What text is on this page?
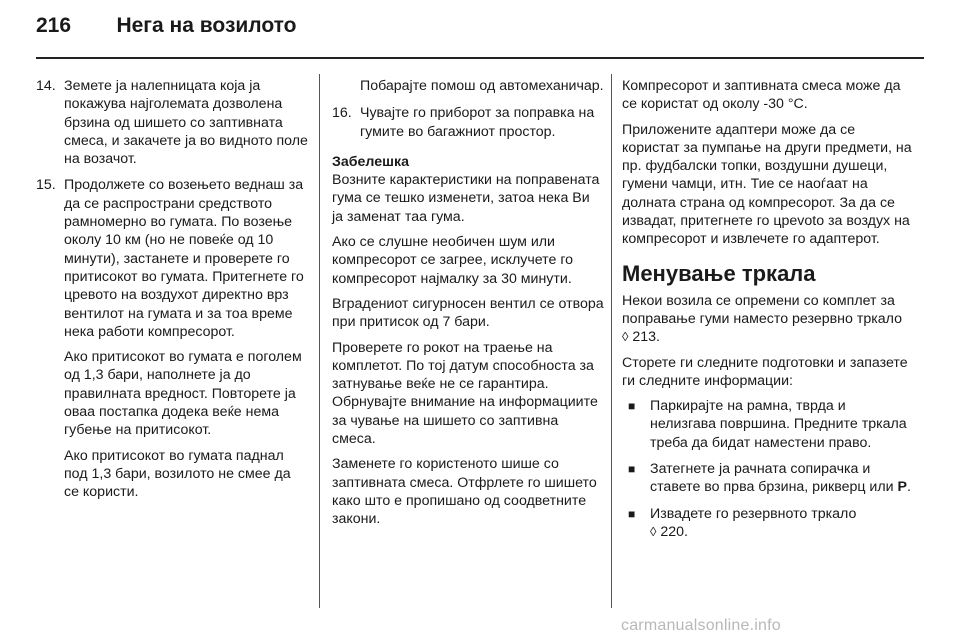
216 Нега на возилото
14. Земете ја налепницата која ја покажува најголемата дозволена брзина од шишето со заптивната смеса, и закачете ја во видното поле на возачот.

15. Продолжете со возењето веднаш за да се распространи средството рамномерно во гумата. По возење околу 10 км (но не повеќе од 10 минути), застанете и проверете го притисокот во гумата. Притегнете го цревото на воздухот директно врз вентилот на гумата и за тоа време нека работи компресорот.

Ако притисокот во гумата е поголем од 1,3 бари, наполнете ја до правилната вредност. Повторете ја оваа постапка додека веќе нема губење на притисокот.

Ако притисокот во гумата паднал под 1,3 бари, возилото не смее да се користи.

Побарајте помош од автомеханичар.

16. Чувајте го приборот за поправка на гумите во багажниот простор.

Забелешка

Возните карактеристики на поправената гума се тешко изменети, затоа нека Ви ја заменат таа гума.

Ако се слушне необичен шум или компресорот се загрее, исклучете го компресорот најмалку за 30 минути.

Вградениот сигурносен вентил се отвора при притисок од 7 бари.

Проверете го рокот на траење на комплетот. По тој датум способноста за затнување веќе не се гарантира. Обрнувајте внимание на информациите за чување на шишето со заптивна смеса.

Заменете го користеното шише со заптивната смеса. Отфрлете го шишето како што е пропишано од соодветните закони.

Компресорот и заптивната смеса може да се користат од околу -30 °C.

Приложените адаптери може да се користат за пумпање на други предмети, на пр. фудбалски топки, воздушни душеци, гумени чамци, итн. Тие се наоѓаат на долната страна од компресорот. За да се извадат, притегнете го црevoto за воздух на компресорот и извлечете го адаптерот.

Менување тркала

Некои возила се опремени со комплет за поправање гуми наместо резервно тркало ◊ 213.

Сторете ги следните подготовки и запазете ги следните информации:

■ Паркирајте на рамна, тврда и нелизгава површина. Предните тркала треба да бидат наместени право.
■ Затегнете ја рачната сопирачка и ставете во прва брзина, рикверц или P.
■ Извадете го резервното тркало
◊ 220.
carmanualsonline.info
